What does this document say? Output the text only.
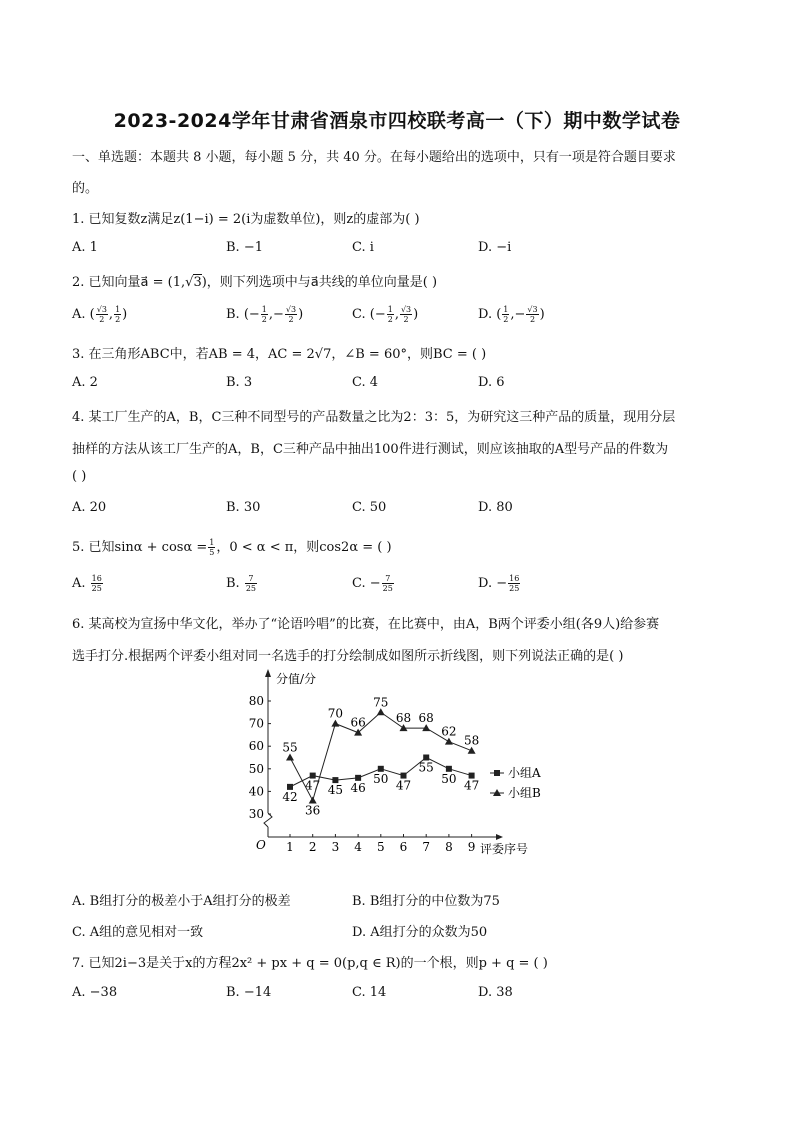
2023-2024学年甘肃省酒泉市四校联考高一（下）期中数学试卷
一、单选题：本题共 8 小题，每小题 5 分，共 40 分。在每小题给出的选项中，只有一项是符合题目要求
的。
1. 已知复数z满足z(1−i) = 2(i为虚数单位)，则z的虚部为( )
A. 1	B. −1	C. i	D. −i
2. 已知向量a⃗ = (1,√3)，则下列选项中与a⃗共线的单位向量是( )
A. ( $\frac{√3}{2}$ , $\frac{1}{2}$ )	B. (− $\frac{1}{2}$ ,− $\frac{√3}{2}$ )	C. (− $\frac{1}{2}$ , $\frac{√3}{2}$ )	D. ( $\frac{1}{2}$ ,− $\frac{√3}{2}$ )
3. 在三角形ABC中，若AB = 4，AC = 2√7，∠B = 60°，则BC = ( )
A. 2	B. 3	C. 4	D. 6
4. 某工厂生产的A，B，C三种不同型号的产品数量之比为2：3：5，为研究这三种产品的质量，现用分层
抽样的方法从该工厂生产的A，B，C三种产品中抽出100件进行测试，则应该抽取的A型号产品的件数为
( )
A. 20	B. 30	C. 50	D. 80
5. 已知$\sin\alpha + \cos\alpha = \frac{1}{5}$ ，0 < α < π，则cos2α = ( )
A. $\frac{16}{25}$	B. $\frac{7}{25}$	C. − $\frac{7}{25}$	D. − $\frac{16}{25}$
6. 某高校为宣扬中华文化，举办了“论语吟唱”的比赛，在比赛中，由A，B两个评委小组(各9人)给参赛
选手打分.根据两个评委小组对同一名选手的打分绘制成如图所示折线图，则下列说法正确的是( )
分值/分
评委序号
O
30
40
50
60
70
80
1 2 3 4 5 6 7 8 9
小组A
小组B
42
47 45 46
50 47
55
50 47
55
36
70
66
75
68 68
62
58
A. B组打分的极差小于A组打分的极差	B. B组打分的中位数为75
C. A组的意见相对一致	D. A组打分的众数为50
7. 已知2i−3是关于x的方程2x² + px + q = 0(p,q ∈ R)的一个根，则p + q = ( )
A. −38	B. −14	C. 14	D. 38
